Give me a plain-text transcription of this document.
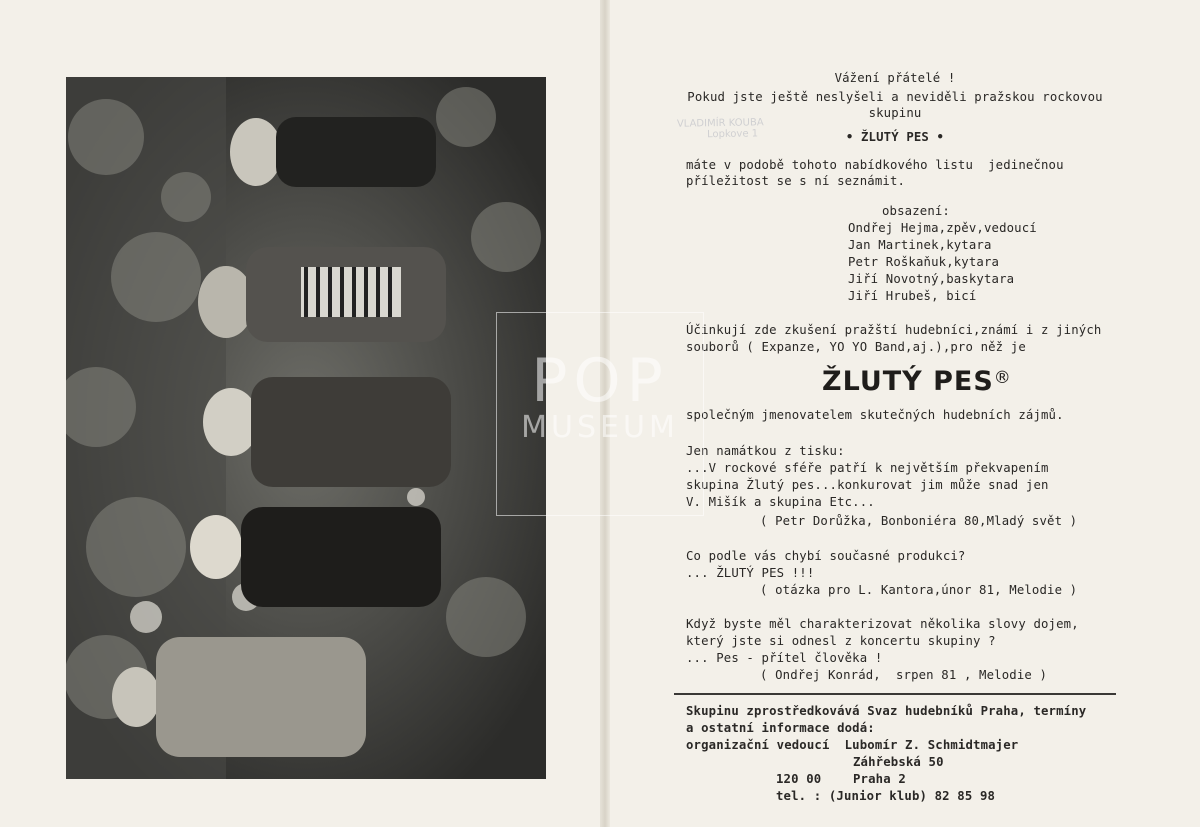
VLADIMÍR KOUBA
Lopkove 1
Vážení přátelé !
Pokud jste ještě neslyšeli a neviděli pražskou rockovou
skupinu
• ŽLUTÝ PES •
máte v podobě tohoto nabídkového listu  jedinečnou
příležitost se s ní seznámit.
obsazení:
Ondřej Hejma,zpěv,vedoucí
Jan Martinek,kytara
Petr Roškaňuk,kytara
Jiří Novotný,baskytara
Jiří Hrubeš, bicí
Účinkují zde zkušení pražští hudebníci,známí i z jiných
souborů ( Expanze, YO YO Band,aj.),pro něž je
ŽLUTÝ PES®
společným jmenovatelem skutečných hudebních zájmů.
Jen namátkou z tisku:
...V rockové sféře patří k největším překvapením
skupina Žlutý pes...konkurovat jim může snad jen
V. Mišík a skupina Etc...
( Petr Dorůžka, Bonboniéra 80,Mladý svět )
Co podle vás chybí současné produkci?
... ŽLUTÝ PES !!!
( otázka pro L. Kantora,únor 81, Melodie )
Když byste měl charakterizovat několika slovy dojem,
který jste si odnesl z koncertu skupiny ?
... Pes - přítel člověka !
( Ondřej Konrád,  srpen 81 , Melodie )
Skupinu zprostředkovává Svaz hudebníků Praha, termíny
a ostatní informace dodá:
organizační vedoucí  Lubomír Z. Schmidtmajer
Záhřebská 50
120 00	Praha 2
tel. : (Junior klub) 82 85 98
POP
MUSEUM
